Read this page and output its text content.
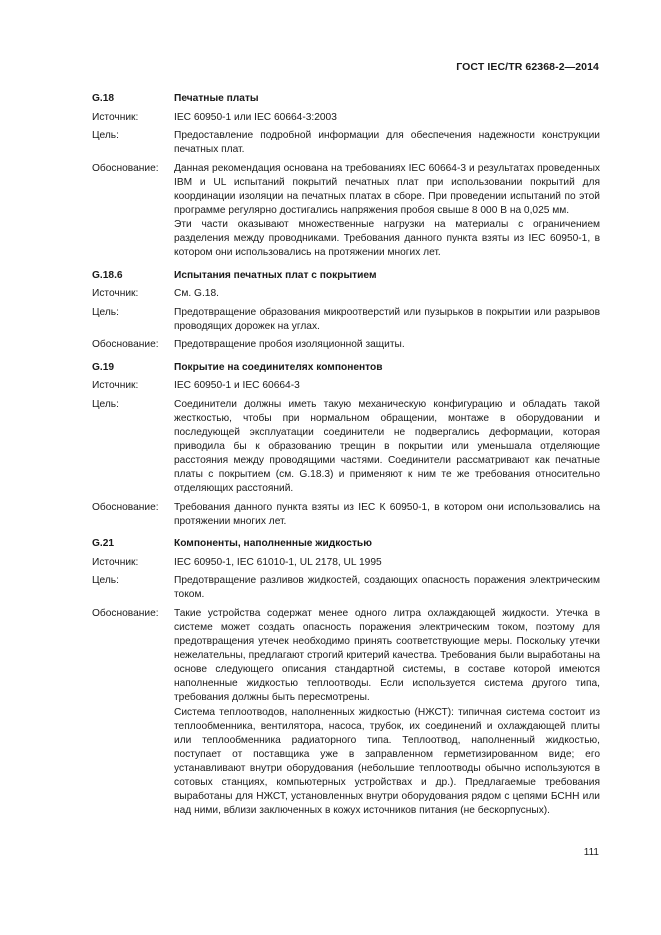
ГОСТ IEC/TR 62368-2—2014
G.18	Печатные платы
Источник:	IEC 60950-1 или IEC 60664-3:2003
Цель:	Предоставление подробной информации для обеспечения надежности конструкции печатных плат.

Обоснование:	Данная рекомендация основана на требованиях IEC 60664-3 и результатах проведенных IBM и UL испытаний покрытий печатных плат при использовании покрытий для координации изоляции на печатных платах в сборе. При проведении испытаний по этой программе регулярно достигались напряжения пробоя свыше 8 000 В на 0,025 мм.

Эти части оказывают множественные нагрузки на материалы с ограничением разделения между проводниками. Требования данного пункта взяты из IEC 60950-1, в котором они использовались на протяжении многих лет.

G.18.6	Испытания печатных плат с покрытием
Источник:	См. G.18.
Цель:	Предотвращение образования микроотверстий или пузырьков в покрытии или разрывов проводящих дорожек на углах.

Обоснование:	Предотвращение пробоя изоляционной защиты.

G.19	Покрытие на соединителях компонентов
Источник:	IEC 60950-1 и IEC 60664-3
Цель:	Соединители должны иметь такую механическую конфигурацию и обладать такой жесткостью, чтобы при нормальном обращении, монтаже в оборудовании и последующей эксплуатации соединители не подвергались деформации, которая приводила бы к образованию трещин в покрытии или уменьшала отделяющие расстояния между проводящими частями. Соединители рассматривают как печатные платы с покрытием (см. G.18.3) и применяют к ним те же требования относительно отделяющих расстояний.

Обоснование:	Требования данного пункта взяты из IEC К 60950-1, в котором они использовались на протяжении многих лет.

G.21	Компоненты, наполненные жидкостью
Источник:	IEC 60950-1, IEC 61010-1, UL 2178, UL 1995
Цель:	Предотвращение разливов жидкостей, создающих опасность поражения электрическим током.

Обоснование:	Такие устройства содержат менее одного литра охлаждающей жидкости. Утечка в системе может создать опасность поражения электрическим током, поэтому для предотвращения утечек необходимо принять соответствующие меры. Поскольку утечки нежелательны, предлагают строгий критерий качества. Требования были выработаны на основе следующего описания стандартной системы, в составе которой имеются наполненные жидкостью теплоотводы. Если используется система другого типа, требования должны быть пересмотрены.

Система теплоотводов, наполненных жидкостью (НЖСТ): типичная система состоит из теплообменника, вентилятора, насоса, трубок, их соединений и охлаждающей плиты или теплообменника радиаторного типа. Теплоотвод, наполненный жидкостью, поступает от поставщика уже в заправленном герметизированном виде; его устанавливают внутри оборудования (небольшие теплоотводы обычно используются в сотовых станциях, компьютерных устройствах и др.). Предлагаемые требования выработаны для НЖСТ, установленных внутри оборудования рядом с цепями БСНН или над ними, вблизи заключенных в кожух источников питания (не бескорпусных).

111
